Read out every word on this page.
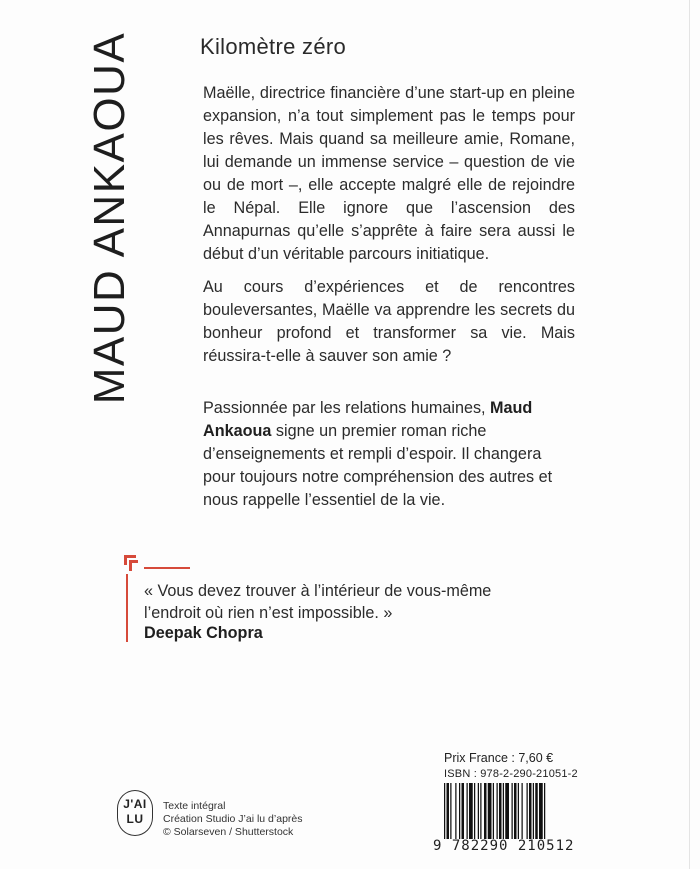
MAUD ANKAOUA	Kilomètre zéro

Maëlle, directrice financière d’une start-up en pleine expansion, n’a tout simplement pas le temps pour les rêves. Mais quand sa meilleure amie, Romane, lui demande un immense service – question de vie ou de mort –, elle accepte malgré elle de rejoindre le Népal. Elle ignore que l’ascension des Annapurnas qu’elle s’apprête à faire sera aussi le début d’un véritable parcours initiatique.

Au cours d’expériences et de rencontres bouleversantes, Maëlle va apprendre les secrets du bonheur profond et transformer sa vie. Mais réussira-t-elle à sauver son amie ?

Passionnée par les relations humaines, Maud Ankaoua signe un premier roman riche d’enseignements et rempli d’espoir. Il changera pour toujours notre compréhension des autres et nous rappelle l’essentiel de la vie.

« Vous devez trouver à l’intérieur de vous-même
l’endroit où rien n’est impossible. »
Deepak Chopra
J'AI
LU
Texte intégral
Création Studio J’ai lu d’après
© Solarseven / Shutterstock
Prix France : 7,60 €
ISBN : 978-2-290-21051-2
9 782290 210512
